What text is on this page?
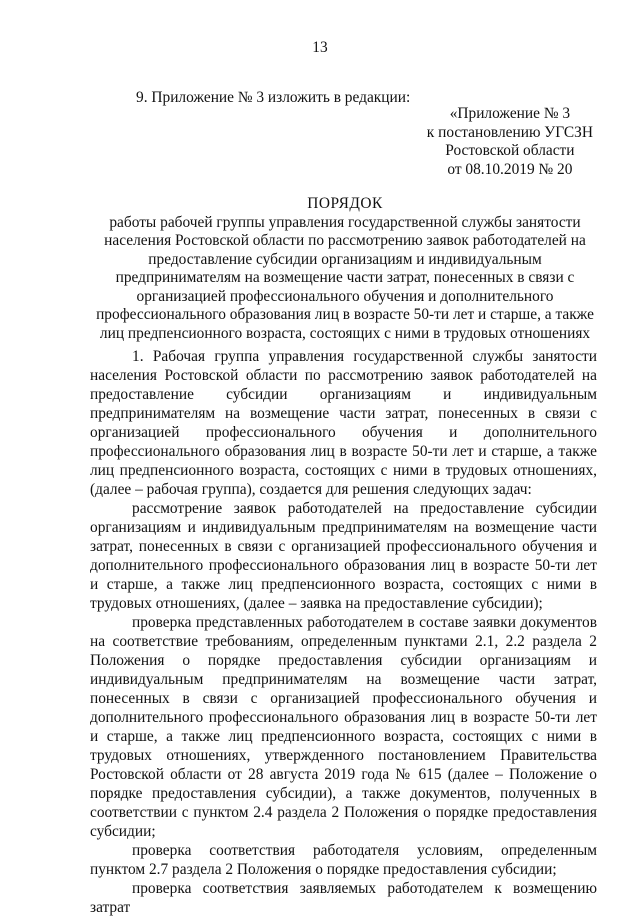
13
9. Приложение № 3 изложить в редакции:
«Приложение № 3
к постановлению УГСЗН
Ростовской области
от 08.10.2019 № 20
ПОРЯДОК
работы рабочей группы управления государственной службы занятости
населения Ростовской области по рассмотрению заявок работодателей на
предоставление субсидии организациям и индивидуальным
предпринимателям на возмещение части затрат, понесенных в связи с
организацией профессионального обучения и дополнительного
профессионального образования лиц в возрасте 50-ти лет и старше, а также
лиц предпенсионного возраста, состоящих с ними в трудовых отношениях

1. Рабочая группа управления государственной службы занятости населения Ростовской области по рассмотрению заявок работодателей на предоставление субсидии организациям и индивидуальным предпринимателям на возмещение части затрат, понесенных в связи с организацией профессионального обучения и дополнительного профессионального образования лиц в возрасте 50-ти лет и старше, а также лиц предпенсионного возраста, состоящих с ними в трудовых отношениях, (далее – рабочая группа), создается для решения следующих задач:

рассмотрение заявок работодателей на предоставление субсидии организациям и индивидуальным предпринимателям на возмещение части затрат, понесенных в связи с организацией профессионального обучения и дополнительного профессионального образования лиц в возрасте 50-ти лет и старше, а также лиц предпенсионного возраста, состоящих с ними в трудовых отношениях, (далее – заявка на предоставление субсидии);

проверка представленных работодателем в составе заявки документов на соответствие требованиям, определенным пунктами 2.1, 2.2 раздела 2 Положения о порядке предоставления субсидии организациям и индивидуальным предпринимателям на возмещение части затрат, понесенных в связи с организацией профессионального обучения и дополнительного профессионального образования лиц в возрасте 50-ти лет и старше, а также лиц предпенсионного возраста, состоящих с ними в трудовых отношениях, утвержденного постановлением Правительства Ростовской области от 28 августа 2019 года № 615 (далее – Положение о порядке предоставления субсидии), а также документов, полученных в соответствии с пунктом 2.4 раздела 2 Положения о порядке предоставления субсидии;

проверка соответствия работодателя условиям, определенным пунктом 2.7 раздела 2 Положения о порядке предоставления субсидии;

проверка соответствия заявляемых работодателем к возмещению затрат
